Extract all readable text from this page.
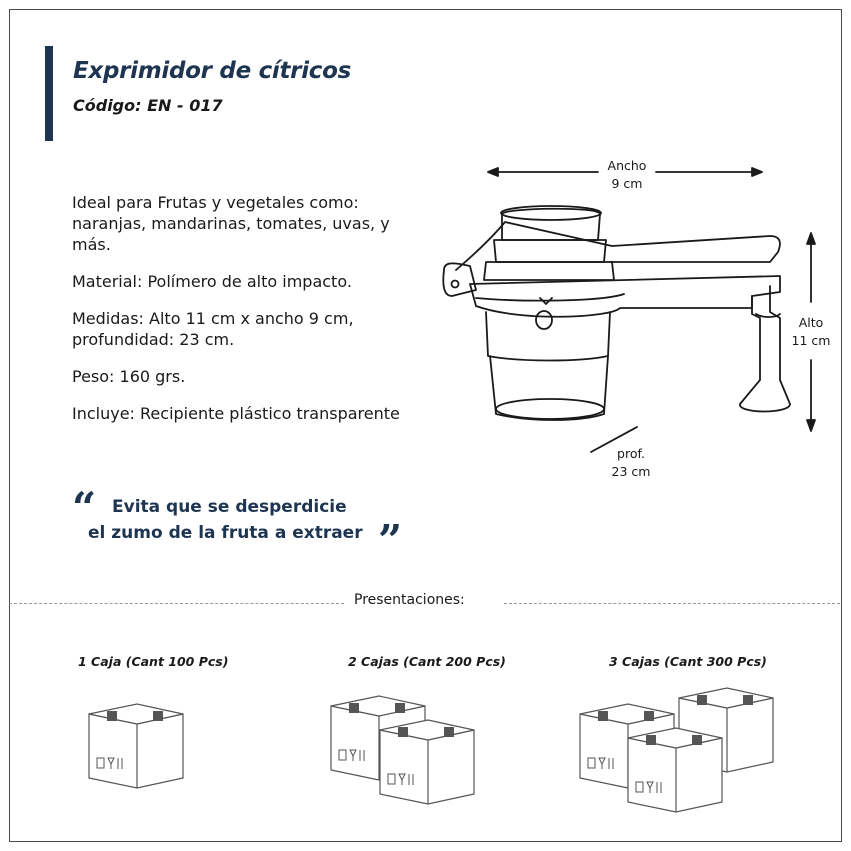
Exprimidor de cítricos
Código: EN - 017

Ideal para Frutas y vegetales como:
naranjas, mandarinas, tomates, uvas, y
más.

Material: Polímero de alto impacto.

Medidas: Alto 11 cm x ancho 9 cm,
profundidad: 23 cm.

Peso: 160 grs.

Incluye: Recipiente plástico transparente

Ancho
9 cm
Alto
11 cm
prof.
23 cm
“ Evita que se desperdicie
el zumo de la fruta a extraer ”
Presentaciones:
1 Caja (Cant 100 Pcs)	2 Cajas (Cant 200 Pcs)	3 Cajas (Cant 300 Pcs)
